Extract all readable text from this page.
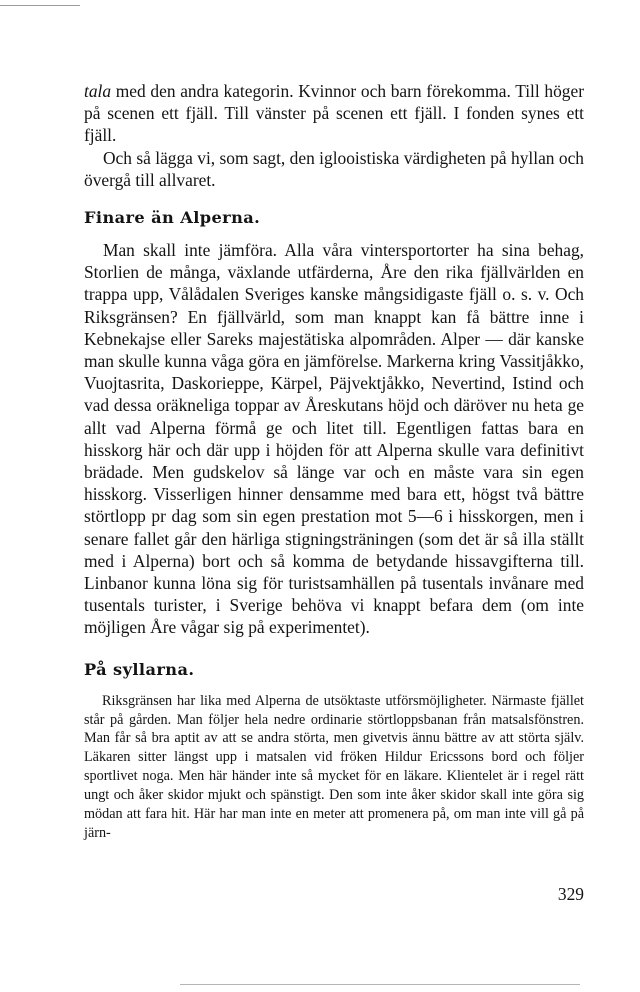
tala med den andra kategorin. Kvinnor och barn förekomma. Till höger på scenen ett fjäll. Till vänster på scenen ett fjäll. I fonden synes ett fjäll.

Och så lägga vi, som sagt, den iglooistiska värdigheten på hyllan och övergå till allvaret.

Finare än Alperna.

Man skall inte jämföra. Alla våra vintersportorter ha sina behag, Storlien de många, växlande utfärderna, Åre den rika fjällvärlden en trappa upp, Vålådalen Sveriges kanske mångsidigaste fjäll o. s. v. Och Riksgränsen? En fjällvärld, som man knappt kan få bättre inne i Kebnekajse eller Sareks majestätiska alpområden. Alper — där kanske man skulle kunna våga göra en jämförelse. Markerna kring Vassitjåkko, Vuojtasrita, Daskorieppe, Kärpel, Päjvektjåkko, Nevertind, Istind och vad dessa oräkneliga toppar av Åreskutans höjd och däröver nu heta ge allt vad Alperna förmå ge och litet till. Egentligen fattas bara en hisskorg här och där upp i höjden för att Alperna skulle vara definitivt brädade. Men gudskelov så länge var och en måste vara sin egen hisskorg. Visserligen hinner densamme med bara ett, högst två bättre störtlopp pr dag som sin egen prestation mot 5—6 i hisskorgen, men i senare fallet går den härliga stigningsträningen (som det är så illa ställt med i Alperna) bort och så komma de betydande hissavgifterna till. Linbanor kunna löna sig för turistsamhällen på tusentals invånare med tusentals turister, i Sverige behöva vi knappt befara dem (om inte möjligen Åre vågar sig på experimentet).

På syllarna.

Riksgränsen har lika med Alperna de utsöktaste utförsmöjligheter. Närmaste fjället står på gården. Man följer hela nedre ordinarie störtloppsbanan från matsalsfönstren. Man får så bra aptit av att se andra störta, men givetvis ännu bättre av att störta själv. Läkaren sitter längst upp i matsalen vid fröken Hildur Ericssons bord och följer sportlivet noga. Men här händer inte så mycket för en läkare. Klientelet är i regel rätt ungt och åker skidor mjukt och spänstigt. Den som inte åker skidor skall inte göra sig mödan att fara hit. Här har man inte en meter att promenera på, om man inte vill gå på järn-

329
